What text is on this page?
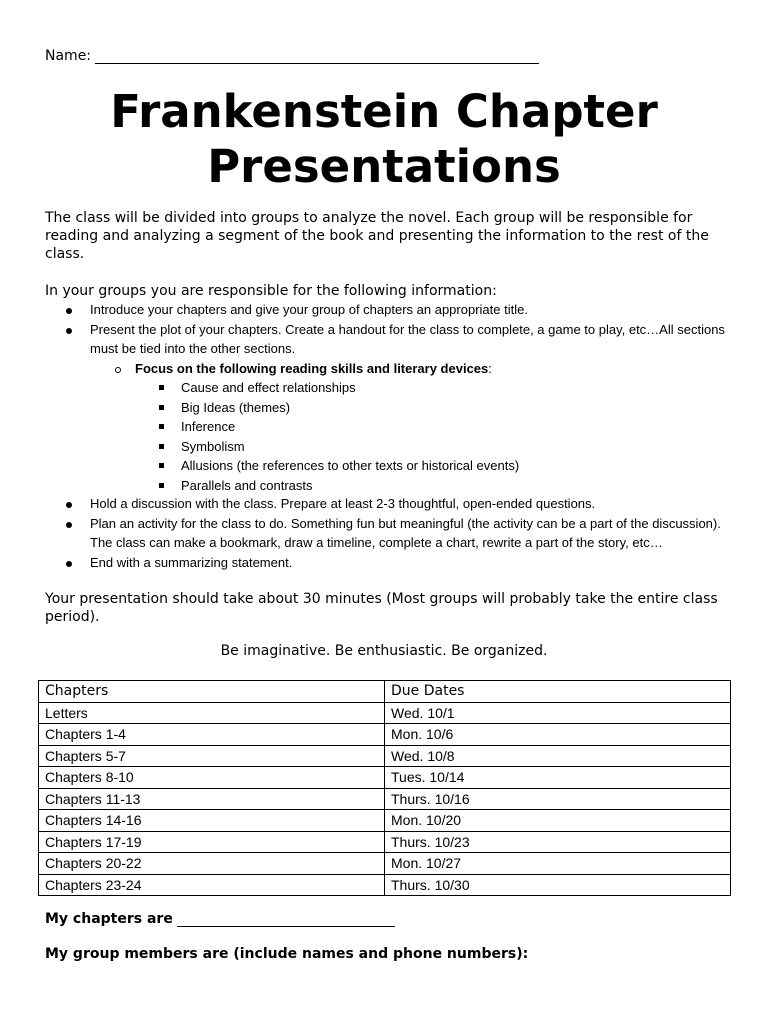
Name:
Frankenstein Chapter
Presentations
The class will be divided into groups to analyze the novel. Each group will be responsible for reading and analyzing a segment of the book and presenting the information to the rest of the class.
In your groups you are responsible for the following information:
Introduce your chapters and give your group of chapters an appropriate title.
Present the plot of your chapters. Create a handout for the class to complete, a game to play, etc…All sections must be tied into the other sections.
Focus on the following reading skills and literary devices:
Cause and effect relationships
Big Ideas (themes)
Inference
Symbolism
Allusions (the references to other texts or historical events)
Parallels and contrasts
Hold a discussion with the class. Prepare at least 2-3 thoughtful, open-ended questions.
Plan an activity for the class to do. Something fun but meaningful (the activity can be a part of the discussion). The class can make a bookmark, draw a timeline, complete a chart, rewrite a part of the story, etc…
End with a summarizing statement.
Your presentation should take about 30 minutes (Most groups will probably take the entire class period).
Be imaginative. Be enthusiastic. Be organized.
Chapters	Due Dates
Letters	Wed. 10/1
Chapters 1-4	Mon. 10/6
Chapters 5-7	Wed. 10/8
Chapters 8-10	Tues. 10/14
Chapters 11-13	Thurs. 10/16
Chapters 14-16	Mon. 10/20
Chapters 17-19	Thurs. 10/23
Chapters 20-22	Mon. 10/27
Chapters 23-24	Thurs. 10/30
My chapters are
My group members are (include names and phone numbers):
